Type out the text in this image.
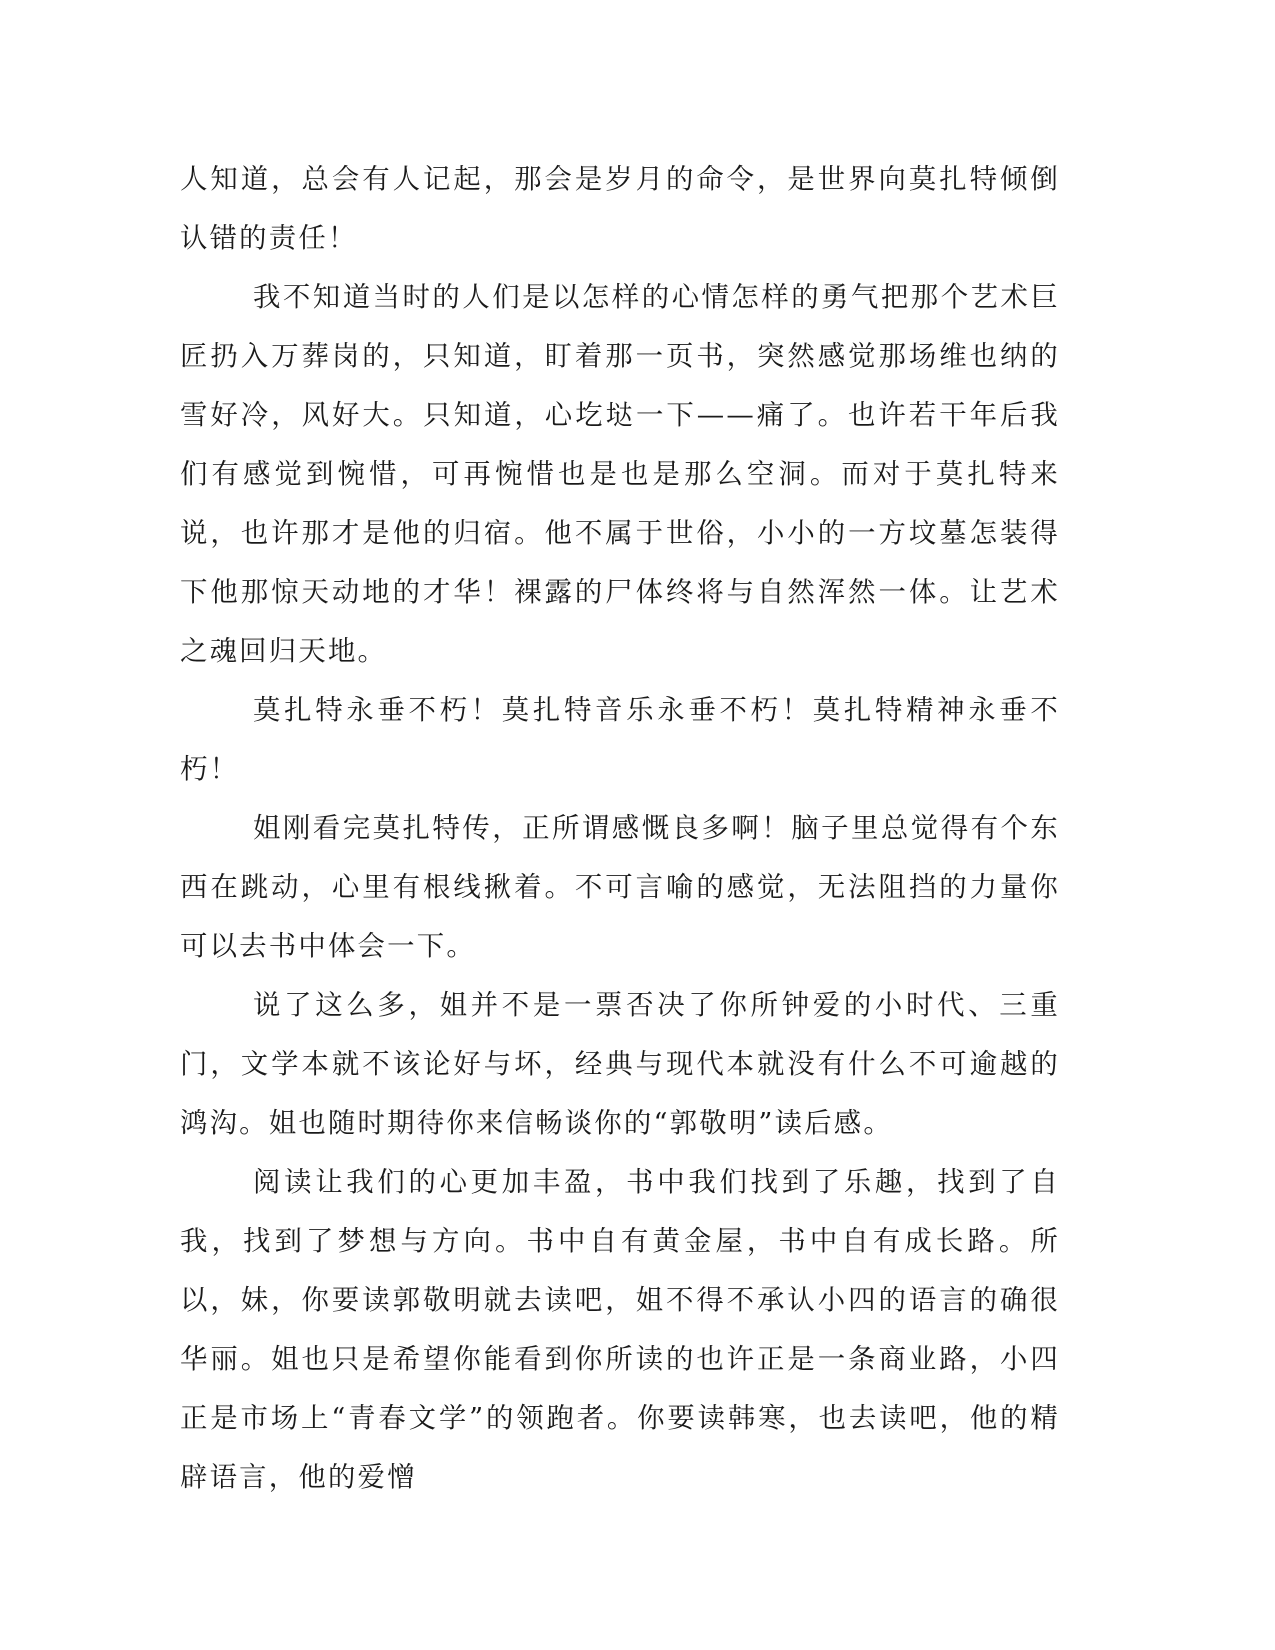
人知道，总会有人记起，那会是岁月的命令，是世界向莫扎特倾倒认错的责任！

我不知道当时的人们是以怎样的心情怎样的勇气把那个艺术巨匠扔入万葬岗的，只知道，盯着那一页书，突然感觉那场维也纳的雪好冷，风好大。只知道，心圪垯一下——痛了。也许若干年后我们有感觉到惋惜，可再惋惜也是也是那么空洞。而对于莫扎特来说，也许那才是他的归宿。他不属于世俗，小小的一方坟墓怎装得下他那惊天动地的才华！裸露的尸体终将与自然浑然一体。让艺术之魂回归天地。

莫扎特永垂不朽！莫扎特音乐永垂不朽！莫扎特精神永垂不朽！

姐刚看完莫扎特传，正所谓感慨良多啊！脑子里总觉得有个东西在跳动，心里有根线揪着。不可言喻的感觉，无法阻挡的力量你可以去书中体会一下。

说了这么多，姐并不是一票否决了你所钟爱的小时代、三重门，文学本就不该论好与坏，经典与现代本就没有什么不可逾越的鸿沟。姐也随时期待你来信畅谈你的“郭敬明”读后感。

阅读让我们的心更加丰盈，书中我们找到了乐趣，找到了自我，找到了梦想与方向。书中自有黄金屋，书中自有成长路。所以，妹，你要读郭敬明就去读吧，姐不得不承认小四的语言的确很华丽。姐也只是希望你能看到你所读的也许正是一条商业路，小四正是市场上“青春文学”的领跑者。你要读韩寒，也去读吧，他的精辟语言，他的爱憎
